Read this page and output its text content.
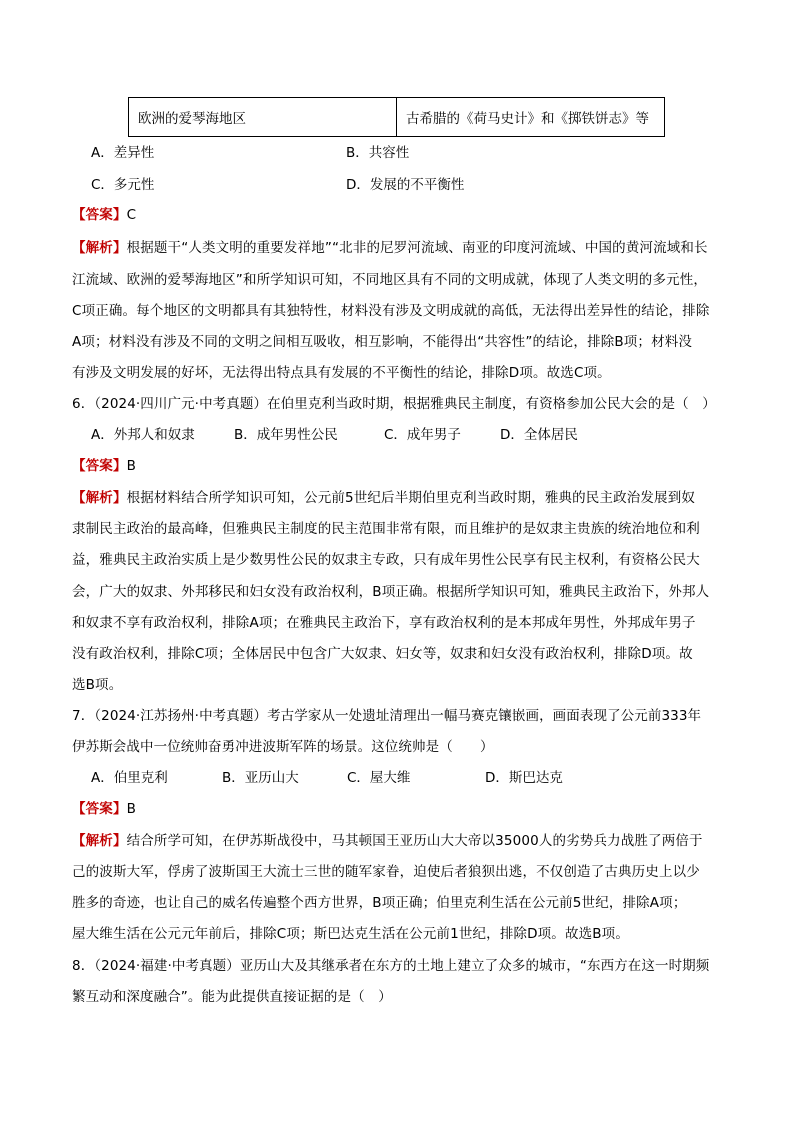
欧洲的爱琴海地区	古希腊的《荷马史计》和《掷铁饼志》等
A．差异性	B．共容性
C．多元性	D．发展的不平衡性
【答案】C
【解析】根据题干“人类文明的重要发祥地”“北非的尼罗河流域、南亚的印度河流域、中国的黄河流域和长
江流域、欧洲的爱琴海地区”和所学知识可知，不同地区具有不同的文明成就，体现了人类文明的多元性，
C项正确。每个地区的文明都具有其独特性，材料没有涉及文明成就的高低，无法得出差异性的结论，排除
A项；材料没有涉及不同的文明之间相互吸收，相互影响，不能得出“共容性”的结论，排除B项；材料没
有涉及文明发展的好坏，无法得出特点具有发展的不平衡性的结论，排除D项。故选C项。
6．（2024·四川广元·中考真题）在伯里克利当政时期，根据雅典民主制度，有资格参加公民大会的是（　）
A．外邦人和奴隶	B．成年男性公民	C．成年男子	D．全体居民
【答案】B
【解析】根据材料结合所学知识可知，公元前5世纪后半期伯里克利当政时期，雅典的民主政治发展到奴
隶制民主政治的最高峰，但雅典民主制度的民主范围非常有限，而且维护的是奴隶主贵族的统治地位和利
益，雅典民主政治实质上是少数男性公民的奴隶主专政，只有成年男性公民享有民主权利，有资格公民大
会，广大的奴隶、外邦移民和妇女没有政治权利，B项正确。根据所学知识可知，雅典民主政治下，外邦人
和奴隶不享有政治权利，排除A项；在雅典民主政治下，享有政治权利的是本邦成年男性，外邦成年男子
没有政治权利，排除C项；全体居民中包含广大奴隶、妇女等，奴隶和妇女没有政治权利，排除D项。故
选B项。
7．（2024·江苏扬州·中考真题）考古学家从一处遗址清理出一幅马赛克镶嵌画，画面表现了公元前333年
伊苏斯会战中一位统帅奋勇冲进波斯军阵的场景。这位统帅是（　　）
A．伯里克利	B．亚历山大	C．屋大维	D．斯巴达克
【答案】B
【解析】结合所学可知，在伊苏斯战役中，马其顿国王亚历山大大帝以35000人的劣势兵力战胜了两倍于
己的波斯大军，俘虏了波斯国王大流士三世的随军家眷，迫使后者狼狈出逃，不仅创造了古典历史上以少
胜多的奇迹，也让自己的威名传遍整个西方世界，B项正确；伯里克利生活在公元前5世纪，排除A项；
屋大维生活在公元元年前后，排除C项；斯巴达克生活在公元前1世纪，排除D项。故选B项。
8．（2024·福建·中考真题）亚历山大及其继承者在东方的土地上建立了众多的城市，“东西方在这一时期频
繁互动和深度融合”。能为此提供直接证据的是（　）
